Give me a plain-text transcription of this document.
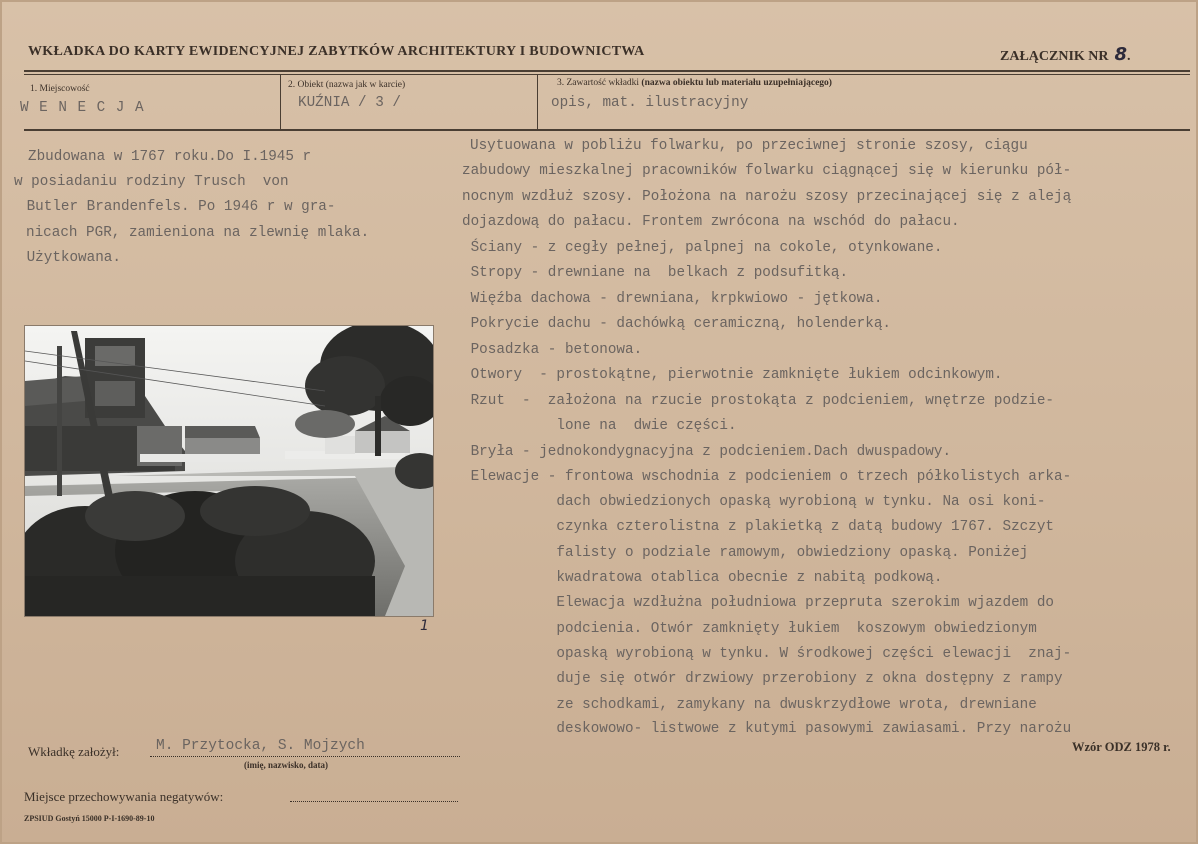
WKŁADKA DO KARTY EWIDENCYJNEJ ZABYTKÓW ARCHITEKTURY I BUDOWNICTWA	ZAŁĄCZNIK NR 8.
1. Miejscowość
W E N E C J A
2. Obiekt (nazwa jak w karcie)
KUŹNIA / 3 /
3. Zawartość wkładki (nazwa obiektu lub materiału uzupełniającego)
opis, mat. ilustracyjny
Zbudowana w 1767 roku.Do I.1945 r
w posiadaniu rodziny Trusch  von
Butler Brandenfels. Po 1946 r w gra-
nicach PGR, zamieniona na zlewnię mlaka.
Użytkowana.
Usytuowana w pobliżu folwarku, po przeciwnej stronie szosy, ciągu
zabudowy mieszkalnej pracowników folwarku ciągnącej się w kierunku pół-
nocnym wzdłuż szosy. Położona na narożu szosy przecinającej się z aleją
dojazdową do pałacu. Frontem zwrócona na wschód do pałacu.
Ściany - z cegły pełnej, palpnej na cokole, otynkowane.
Stropy - drewniane na  belkach z podsufitką.
Więźba dachowa - drewniana, krpkwiowo - jętkowa.
Pokrycie dachu - dachówką ceramiczną, holenderką.
Posadzka - betonowa.
Otwory  - prostokątne, pierwotnie zamknięte łukiem odcinkowym.
Rzut  -  założona na rzucie prostokąta z podcieniem, wnętrze podzie-
lone na  dwie części.
Bryła - jednokondygnacyjna z podcieniem.Dach dwuspadowy.
Elewacje - frontowa wschodnia z podcieniem o trzech półkolistych arka-
dach obwiedzionych opaską wyrobioną w tynku. Na osi koni-
czynka czterolistna z plakietką z datą budowy 1767. Szczyt
falisty o podziale ramowym, obwiedziony opaską. Poniżej
kwadratowa otablica obecnie z nabitą podkową.
Elewacja wzdłużna południowa przepruta szerokim wjazdem do
podcienia. Otwór zamknięty łukiem  koszowym obwiedzionym
opaską wyrobioną w tynku. W środkowej części elewacji  znaj-
duje się otwór drzwiowy przerobiony z okna dostępny z rampy
ze schodkami, zamykany na dwuskrzydłowe wrota, drewniane
deskowowo- listwowe z kutymi pasowymi zawiasami. Przy narożu
1
Wkładkę założył:	M. Przytocka, S. Mojzych
(imię, nazwisko, data)
Wzór ODZ 1978 r.
Miejsce przechowywania negatywów:
ZPSIUD Gostyń 15000 P-I-1690-89-10
